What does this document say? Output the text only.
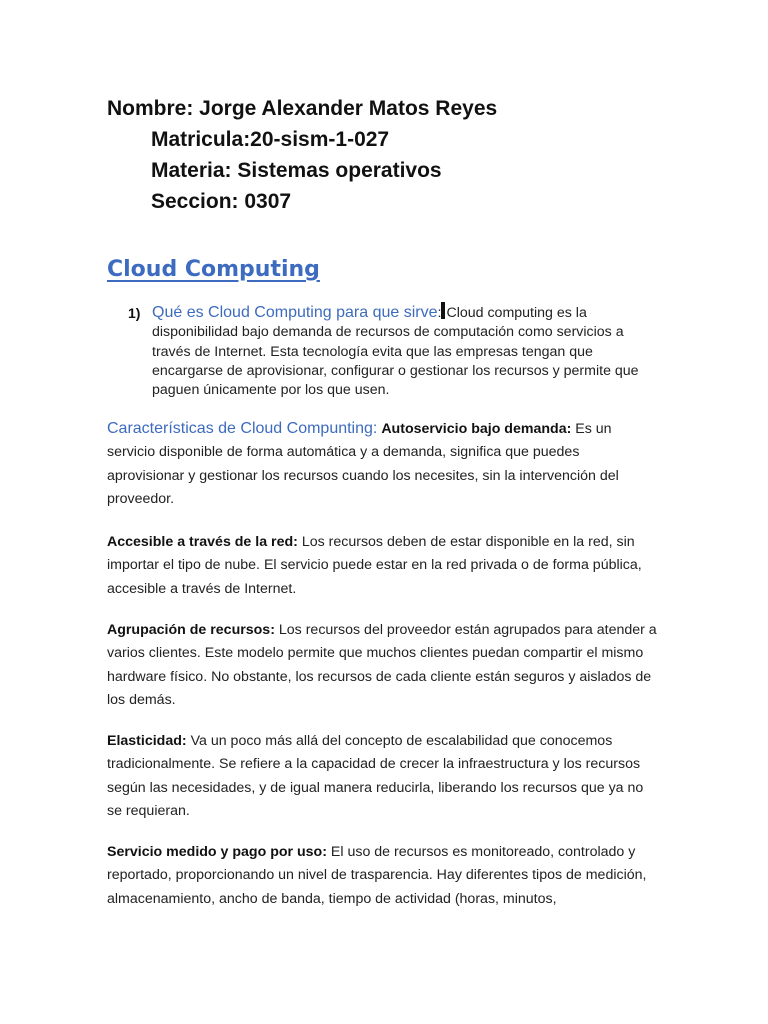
Nombre: Jorge Alexander Matos Reyes
Matricula:20-sism-1-027
Materia: Sistemas operativos
Seccion: 0307
Cloud Computing
1) Qué es Cloud Computing para que sirve: Cloud computing es la disponibilidad bajo demanda de recursos de computación como servicios a través de Internet. Esta tecnología evita que las empresas tengan que encargarse de aprovisionar, configurar o gestionar los recursos y permite que paguen únicamente por los que usen.

Características de Cloud Compunting: Autoservicio bajo demanda: Es un servicio disponible de forma automática y a demanda, significa que puedes aprovisionar y gestionar los recursos cuando los necesites, sin la intervención del proveedor.

Accesible a través de la red: Los recursos deben de estar disponible en la red, sin importar el tipo de nube. El servicio puede estar en la red privada o de forma pública, accesible a través de Internet.

Agrupación de recursos: Los recursos del proveedor están agrupados para atender a varios clientes. Este modelo permite que muchos clientes puedan compartir el mismo hardware físico. No obstante, los recursos de cada cliente están seguros y aislados de los demás.

Elasticidad: Va un poco más allá del concepto de escalabilidad que conocemos tradicionalmente. Se refiere a la capacidad de crecer la infraestructura y los recursos según las necesidades, y de igual manera reducirla, liberando los recursos que ya no se requieran.

Servicio medido y pago por uso: El uso de recursos es monitoreado, controlado y reportado, proporcionando un nivel de trasparencia. Hay diferentes tipos de medición, almacenamiento, ancho de banda, tiempo de actividad (horas, minutos,
